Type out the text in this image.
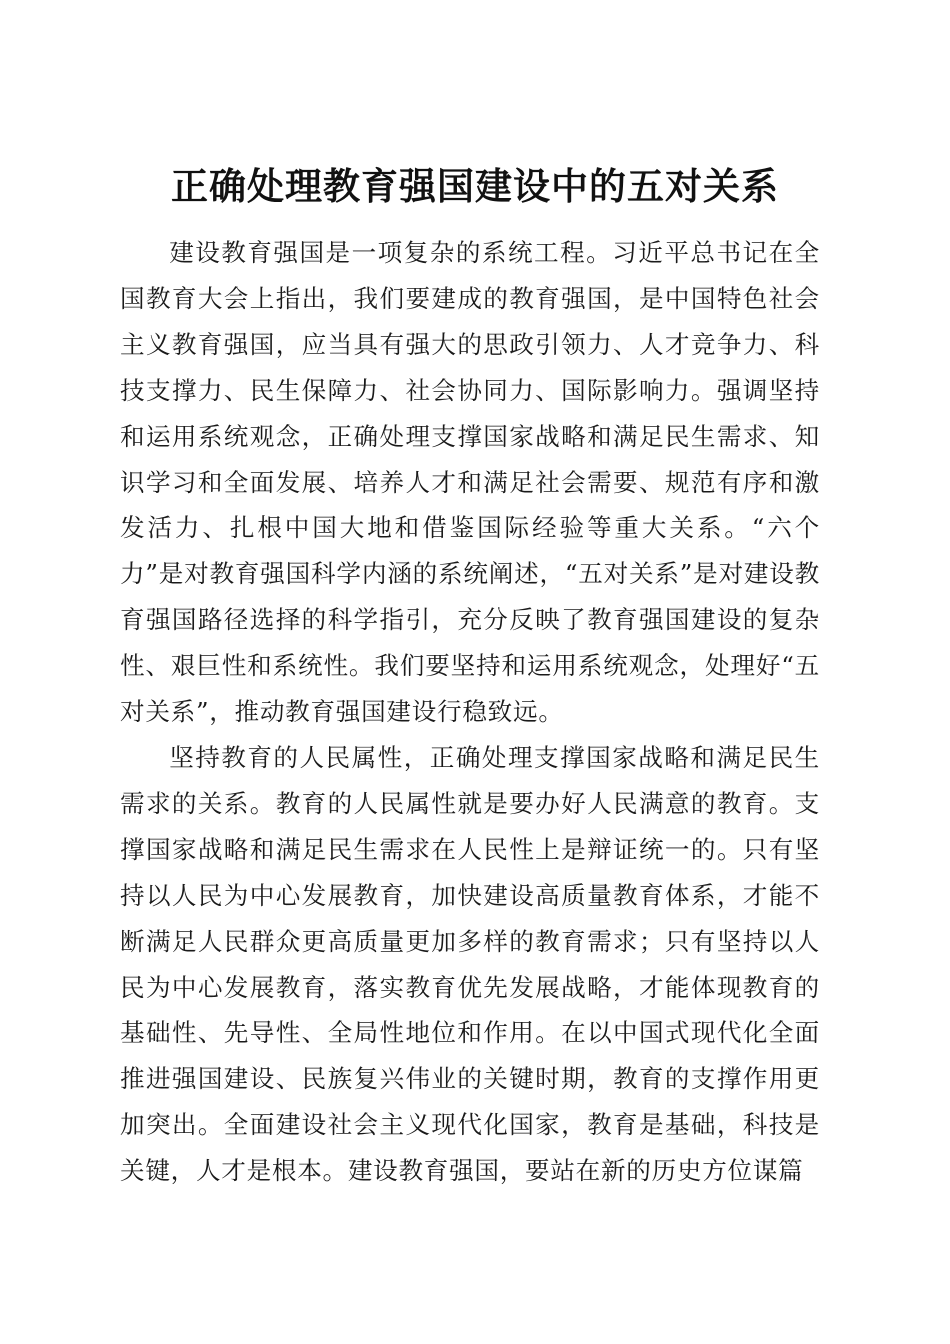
正确处理教育强国建设中的五对关系

建设教育强国是一项复杂的系统工程。习近平总书记在全国教育大会上指出，我们要建成的教育强国，是中国特色社会主义教育强国，应当具有强大的思政引领力、人才竞争力、科技支撑力、民生保障力、社会协同力、国际影响力。强调坚持和运用系统观念，正确处理支撑国家战略和满足民生需求、知识学习和全面发展、培养人才和满足社会需要、规范有序和激发活力、扎根中国大地和借鉴国际经验等重大关系。“六个力”是对教育强国科学内涵的系统阐述，“五对关系”是对建设教育强国路径选择的科学指引，充分反映了教育强国建设的复杂性、艰巨性和系统性。我们要坚持和运用系统观念，处理好“五对关系”，推动教育强国建设行稳致远。

坚持教育的人民属性，正确处理支撑国家战略和满足民生需求的关系。教育的人民属性就是要办好人民满意的教育。支撑国家战略和满足民生需求在人民性上是辩证统一的。只有坚持以人民为中心发展教育，加快建设高质量教育体系，才能不断满足人民群众更高质量更加多样的教育需求；只有坚持以人民为中心发展教育，落实教育优先发展战略，才能体现教育的基础性、先导性、全局性地位和作用。在以中国式现代化全面推进强国建设、民族复兴伟业的关键时期，教育的支撑作用更加突出。全面建设社会主义现代化国家，教育是基础，科技是关键，人才是根本。建设教育强国，要站在新的历史方位谋篇
